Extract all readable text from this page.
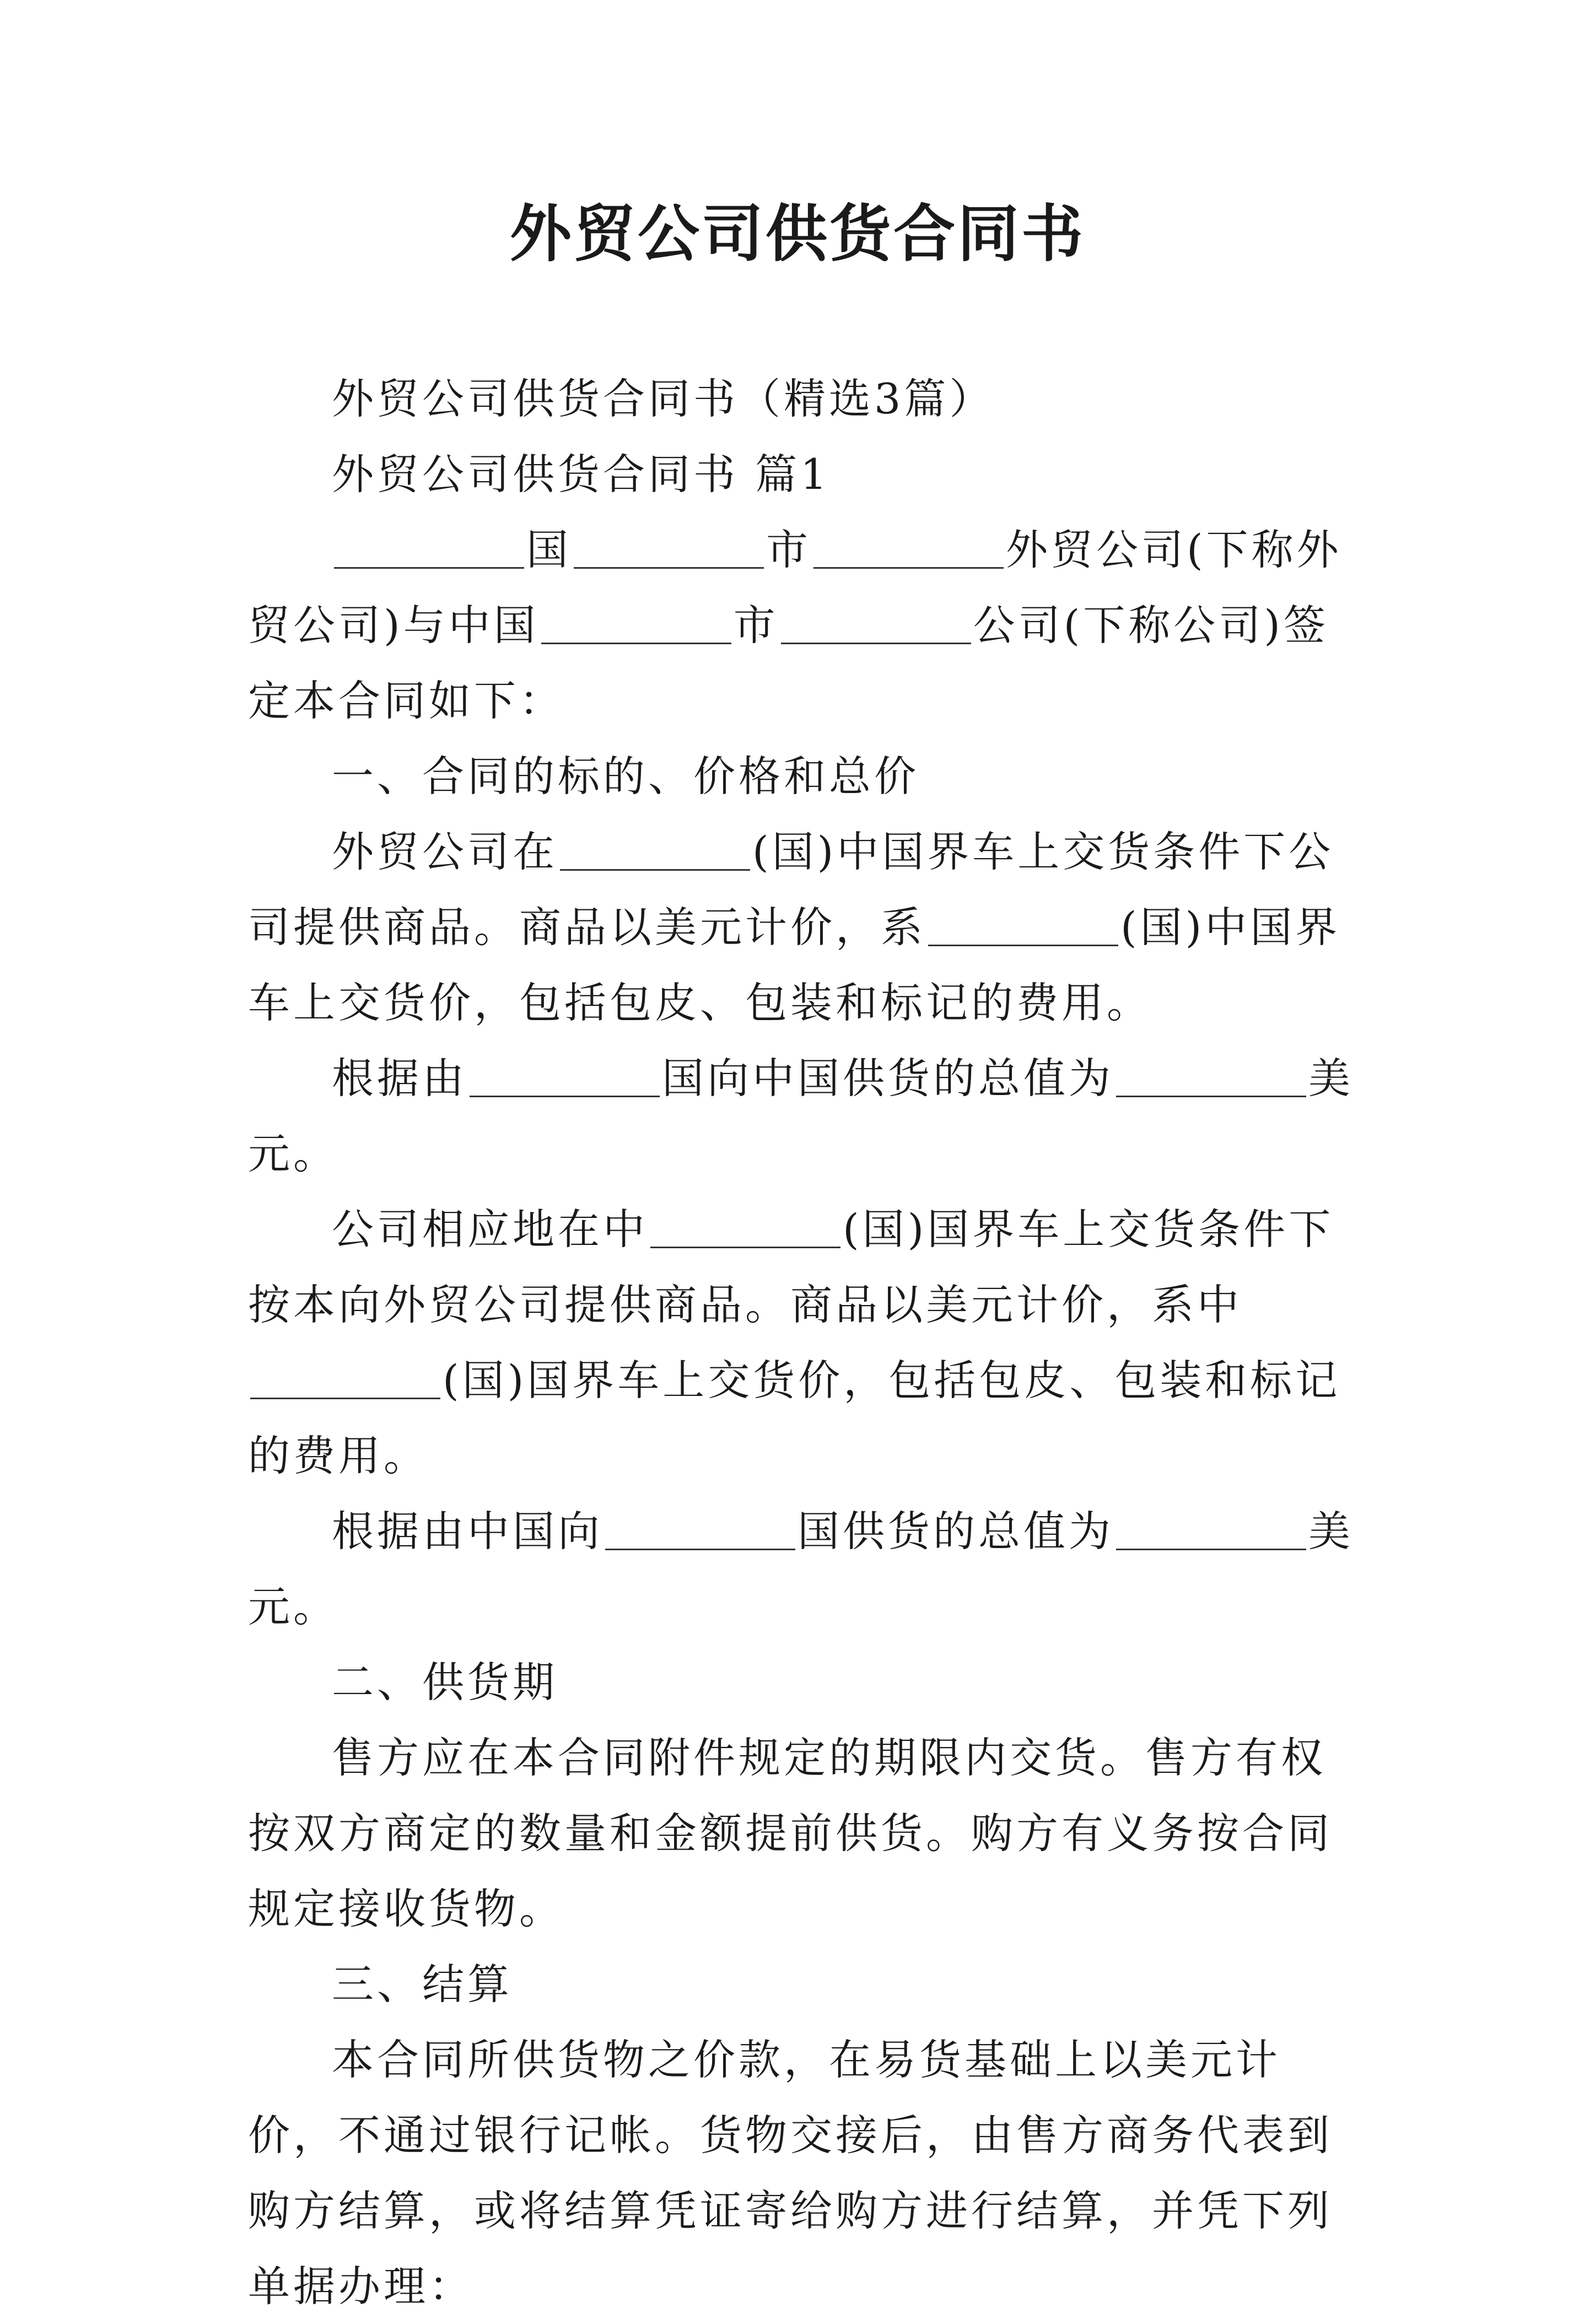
外贸公司供货合同书

外贸公司供货合同书（精选3篇）

外贸公司供货合同书 篇1

国	市	外贸公司(下称外贸公司)与中国	市	公司(下称公司)签定本合同如下：

一、合同的标的、价格和总价

外贸公司在	(国)中国界车上交货条件下公司提供商品。商品以美元计价，系	(国)中国界车上交货价，包括包皮、包装和标记的费用。

根据由	国向中国供货的总值为	美元。

公司相应地在中	(国)国界车上交货条件下按本向外贸公司提供商品。商品以美元计价，系中(国)国界车上交货价，包括包皮、包装和标记的费用。

根据由中国向	国供货的总值为	美元。

二、供货期

售方应在本合同附件规定的期限内交货。售方有权按双方商定的数量和金额提前供货。购方有义务按合同规定接收货物。

三、结算

本合同所供货物之价款，在易货基础上以美元计价，不通过银行记帐。货物交接后，由售方商务代表到购方结算，或将结算凭证寄给购方进行结算，并凭下列单据办理：
